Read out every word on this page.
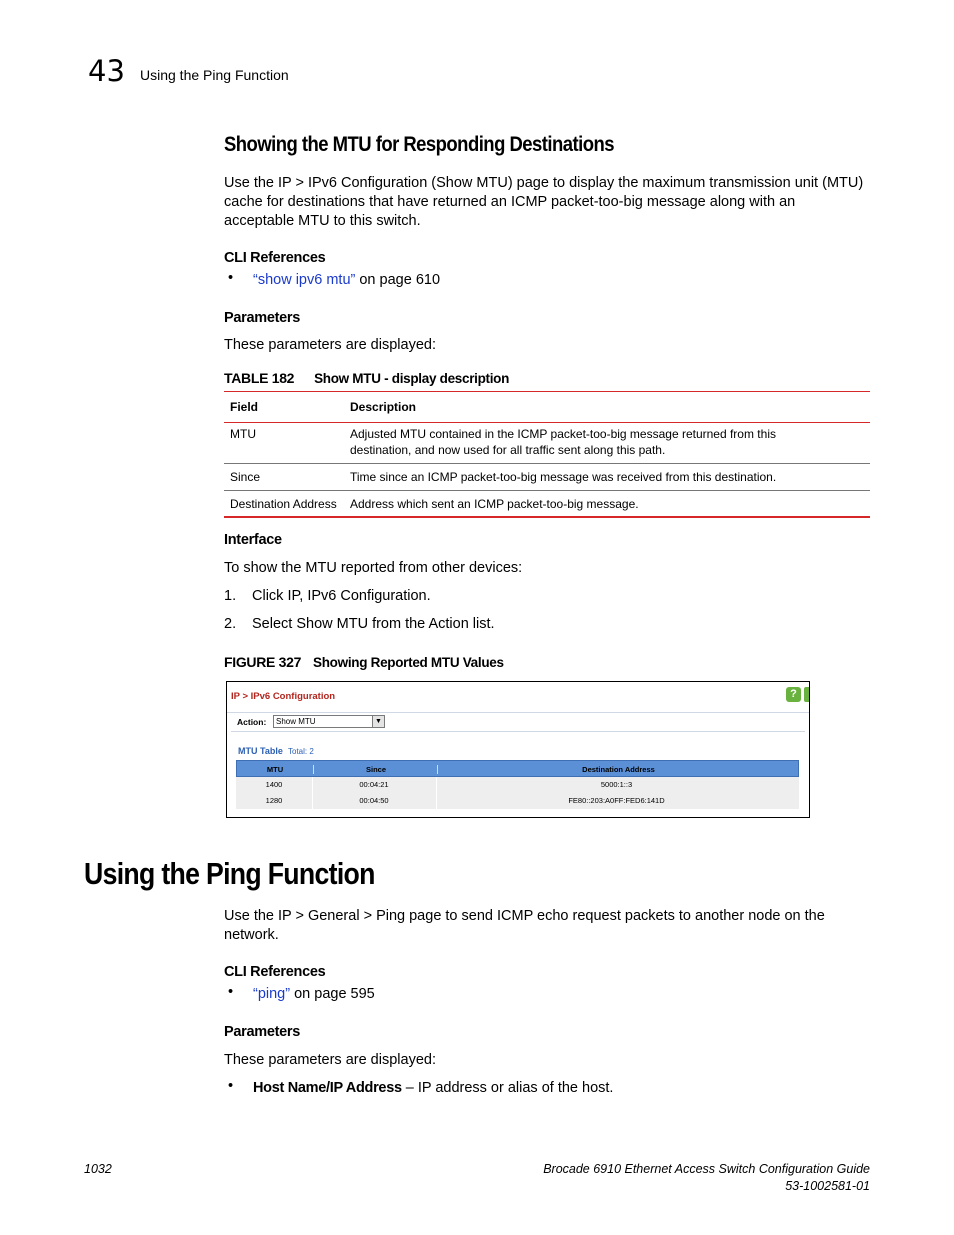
43 Using the Ping Function
Showing the MTU for Responding Destinations
Use the IP > IPv6 Configuration (Show MTU) page to display the maximum transmission unit (MTU)
cache for destinations that have returned an ICMP packet-too-big message along with an
acceptable MTU to this switch.
CLI References
• “show ipv6 mtu” on page 610
Parameters
These parameters are displayed:
TABLE 182 Show MTU - display description
Field	Description
MTU	Adjusted MTU contained in the ICMP packet-too-big message returned from this
destination, and now used for all traffic sent along this path.
Since	Time since an ICMP packet-too-big message was received from this destination.
Destination Address	Address which sent an ICMP packet-too-big message.
Interface
To show the MTU reported from other devices:
1. Click IP, IPv6 Configuration.
2. Select Show MTU from the Action list.
FIGURE 327 Showing Reported MTU Values
IP > IPv6 Configuration	?
Action: Show MTU	▼
MTU Table Total: 2
MTU	Since	Destination Address
1400	00:04:21	5000:1::3
1280	00:04:50	FE80::203:A0FF:FED6:141D
Using the Ping Function
Use the IP > General > Ping page to send ICMP echo request packets to another node on the
network.
CLI References
• “ping” on page 595
Parameters
These parameters are displayed:
• Host Name/IP Address – IP address or alias of the host.
1032	Brocade 6910 Ethernet Access Switch Configuration Guide
53-1002581-01
